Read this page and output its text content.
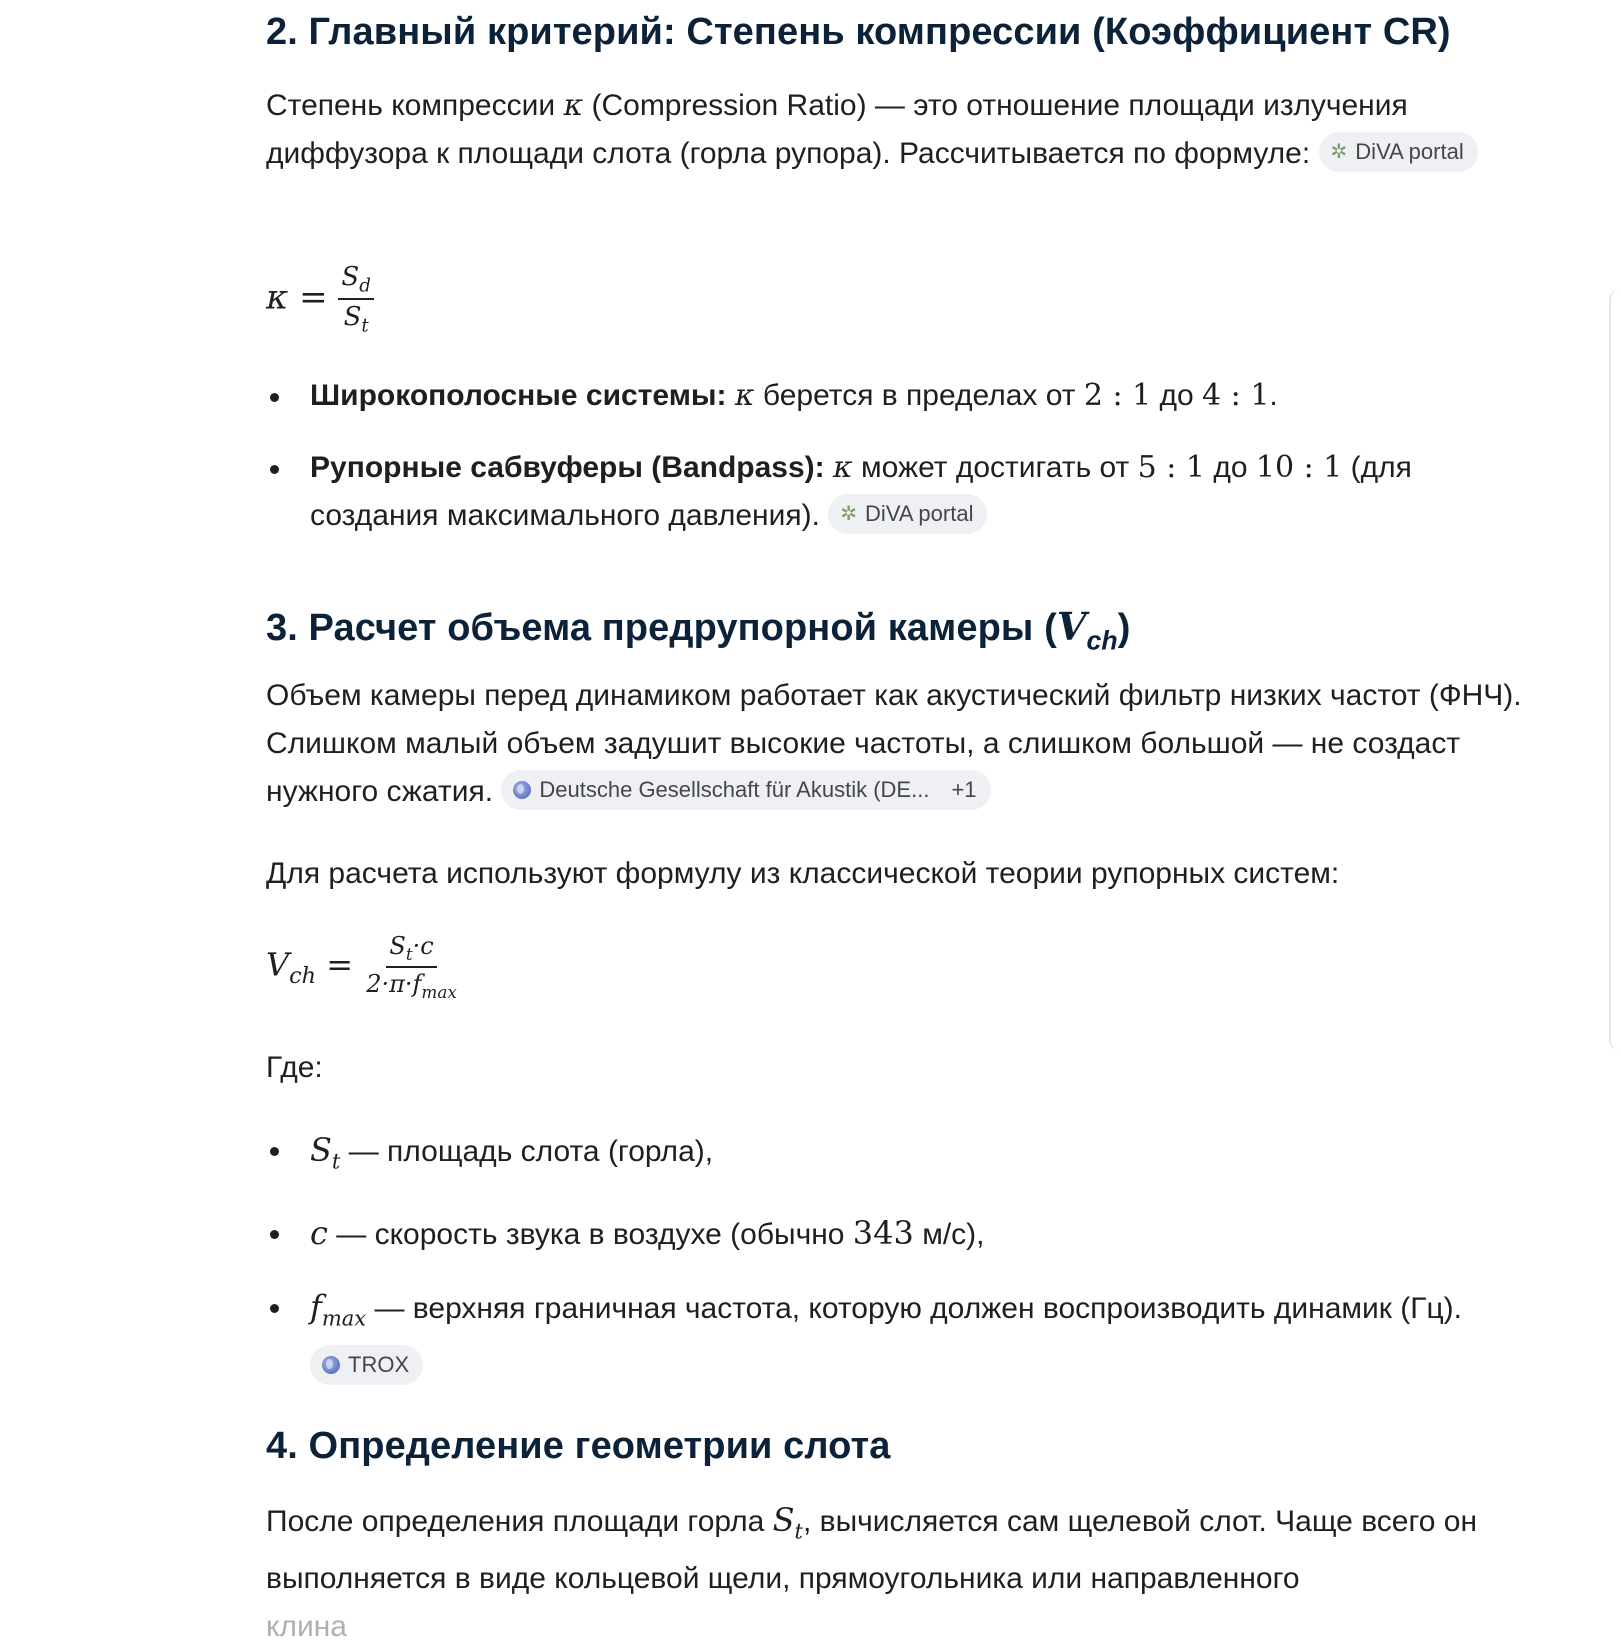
2. Главный критерий: Степень компрессии (Коэффициент CR)

Степень компрессии κ (Compression Ratio) — это отношение площади излучения диффузора к площади слота (горла рупора). Рассчитывается по формуле: ✲ DiVA portal

$\kappa = \frac{S_d}{S_t}$
Широкополосные системы: κ берется в пределах от 2 : 1 до 4 : 1.
Рупорные сабвуферы (Bandpass): κ может достигать от 5 : 1 до 10 : 1 (для создания максимального давления). ✲ DiVA portal
3. Расчет объема предрупорной камеры $(V_{ch})$

Объем камеры перед динамиком работает как акустический фильтр низких частот (ФНЧ). Слишком малый объем задушит высокие частоты, а слишком большой — не создаст нужного сжатия. Deutsche Gesellschaft für Akustik (DE... +1

Для расчета используют формулу из классической теории рупорных систем:

$V_{ch} = \frac{S_t\cdot c}{2\cdot\pi\cdot f_{max}}$

Где:

$S_t$ — площадь слота (горла),
c — скорость звука в воздухе (обычно 343 м/с),
$f_{max}$ — верхняя граничная частота, которую должен воспроизводить динамик (Гц).
TROX
4. Определение геометрии слота

После определения площади горла $S_t$, вычисляется сам щелевой слот. Чаще всего он выполняется в виде кольцевой щели, прямоугольника или направленного
клина
